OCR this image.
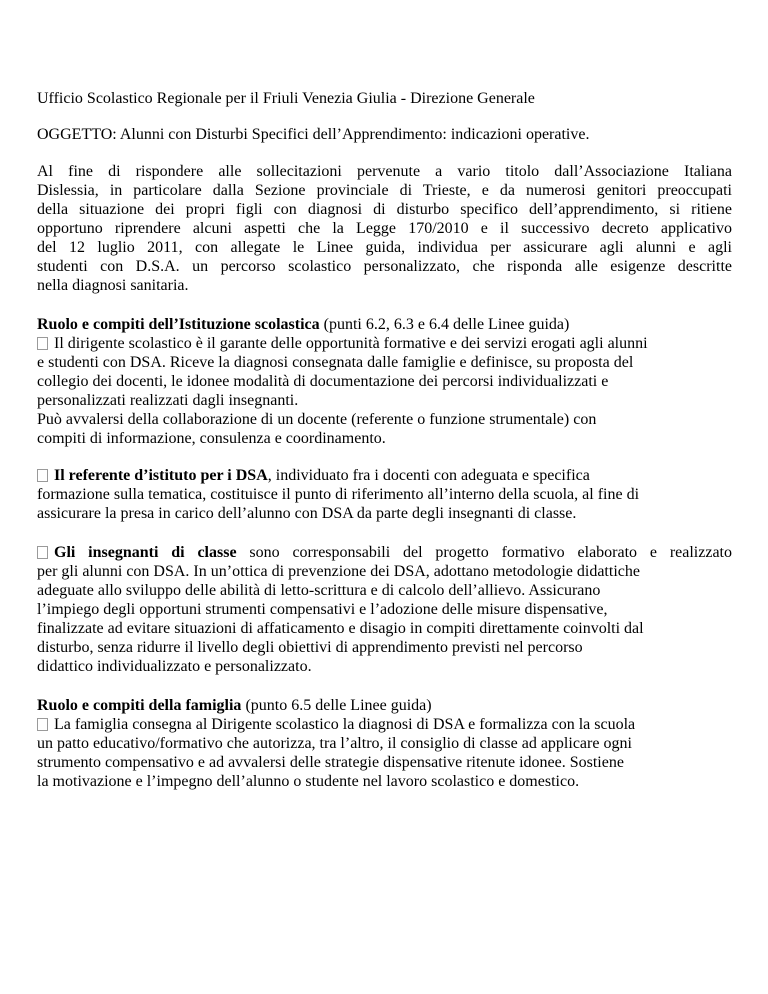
Ufficio Scolastico Regionale per il Friuli Venezia Giulia - Direzione Generale

OGGETTO: Alunni con Disturbi Specifici dell’Apprendimento: indicazioni operative.

Al fine di rispondere alle sollecitazioni pervenute a vario titolo dall’Associazione Italiana
Dislessia, in particolare dalla Sezione provinciale di Trieste, e da numerosi genitori preoccupati
della situazione dei propri figli con diagnosi di disturbo specifico dell’apprendimento, si ritiene
opportuno riprendere alcuni aspetti che la Legge 170/2010 e il successivo decreto applicativo
del 12 luglio 2011, con allegate le Linee guida, individua per assicurare agli alunni e agli
studenti con D.S.A. un percorso scolastico personalizzato, che risponda alle esigenze descritte
nella diagnosi sanitaria.

Ruolo e compiti dell’Istituzione scolastica (punti 6.2, 6.3 e 6.4 delle Linee guida)
Il dirigente scolastico è il garante delle opportunità formative e dei servizi erogati agli alunni
e studenti con DSA. Riceve la diagnosi consegnata dalle famiglie e definisce, su proposta del
collegio dei docenti, le idonee modalità di documentazione dei percorsi individualizzati e
personalizzati realizzati dagli insegnanti.
Può avvalersi della collaborazione di un docente (referente o funzione strumentale) con
compiti di informazione, consulenza e coordinamento.

Il referente d’istituto per i DSA, individuato fra i docenti con adeguata e specifica
formazione sulla tematica, costituisce il punto di riferimento all’interno della scuola, al fine di
assicurare la presa in carico dell’alunno con DSA da parte degli insegnanti di classe.

Gli insegnanti di classe sono corresponsabili del progetto formativo elaborato e realizzato
per gli alunni con DSA. In un’ottica di prevenzione dei DSA, adottano metodologie didattiche
adeguate allo sviluppo delle abilità di letto-scrittura e di calcolo dell’allievo. Assicurano
l’impiego degli opportuni strumenti compensativi e l’adozione delle misure dispensative,
finalizzate ad evitare situazioni di affaticamento e disagio in compiti direttamente coinvolti dal
disturbo, senza ridurre il livello degli obiettivi di apprendimento previsti nel percorso
didattico individualizzato e personalizzato.

Ruolo e compiti della famiglia (punto 6.5 delle Linee guida)
La famiglia consegna al Dirigente scolastico la diagnosi di DSA e formalizza con la scuola
un patto educativo/formativo che autorizza, tra l’altro, il consiglio di classe ad applicare ogni
strumento compensativo e ad avvalersi delle strategie dispensative ritenute idonee. Sostiene
la motivazione e l’impegno dell’alunno o studente nel lavoro scolastico e domestico.
